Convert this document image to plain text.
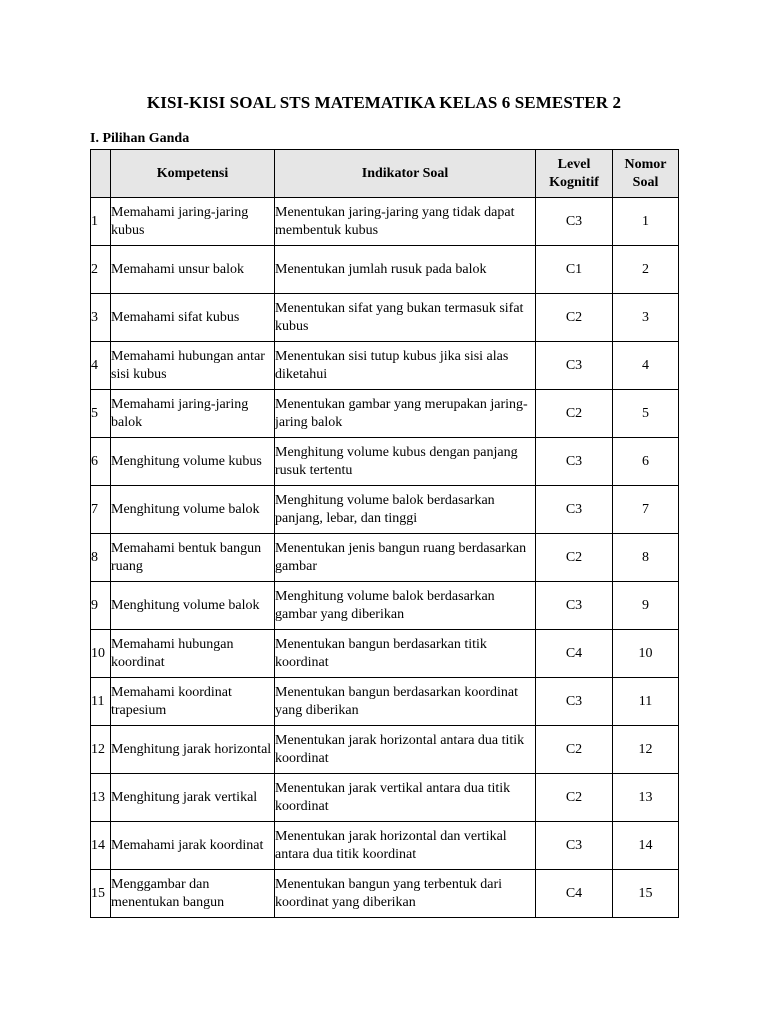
KISI-KISI SOAL STS MATEMATIKA KELAS 6 SEMESTER 2
I. Pilihan Ganda
	Kompetensi	Indikator Soal	Level Kognitif	Nomor Soal
1	Memahami jaring-jaring kubus	Menentukan jaring-jaring yang tidak dapat membentuk kubus	C3	1
2	Memahami unsur balok	Menentukan jumlah rusuk pada balok	C1	2
3	Memahami sifat kubus	Menentukan sifat yang bukan termasuk sifat kubus	C2	3
4	Memahami hubungan antar sisi kubus	Menentukan sisi tutup kubus jika sisi alas diketahui	C3	4
5	Memahami jaring-jaring balok	Menentukan gambar yang merupakan jaring-jaring balok	C2	5
6	Menghitung volume kubus	Menghitung volume kubus dengan panjang rusuk tertentu	C3	6
7	Menghitung volume balok	Menghitung volume balok berdasarkan panjang, lebar, dan tinggi	C3	7
8	Memahami bentuk bangun ruang	Menentukan jenis bangun ruang berdasarkan gambar	C2	8
9	Menghitung volume balok	Menghitung volume balok berdasarkan gambar yang diberikan	C3	9
10	Memahami hubungan koordinat	Menentukan bangun berdasarkan titik koordinat	C4	10
11	Memahami koordinat trapesium	Menentukan bangun berdasarkan koordinat yang diberikan	C3	11
12	Menghitung jarak horizontal	Menentukan jarak horizontal antara dua titik koordinat	C2	12
13	Menghitung jarak vertikal	Menentukan jarak vertikal antara dua titik koordinat	C2	13
14	Memahami jarak koordinat	Menentukan jarak horizontal dan vertikal antara dua titik koordinat	C3	14
15	Menggambar dan menentukan bangun	Menentukan bangun yang terbentuk dari koordinat yang diberikan	C4	15
